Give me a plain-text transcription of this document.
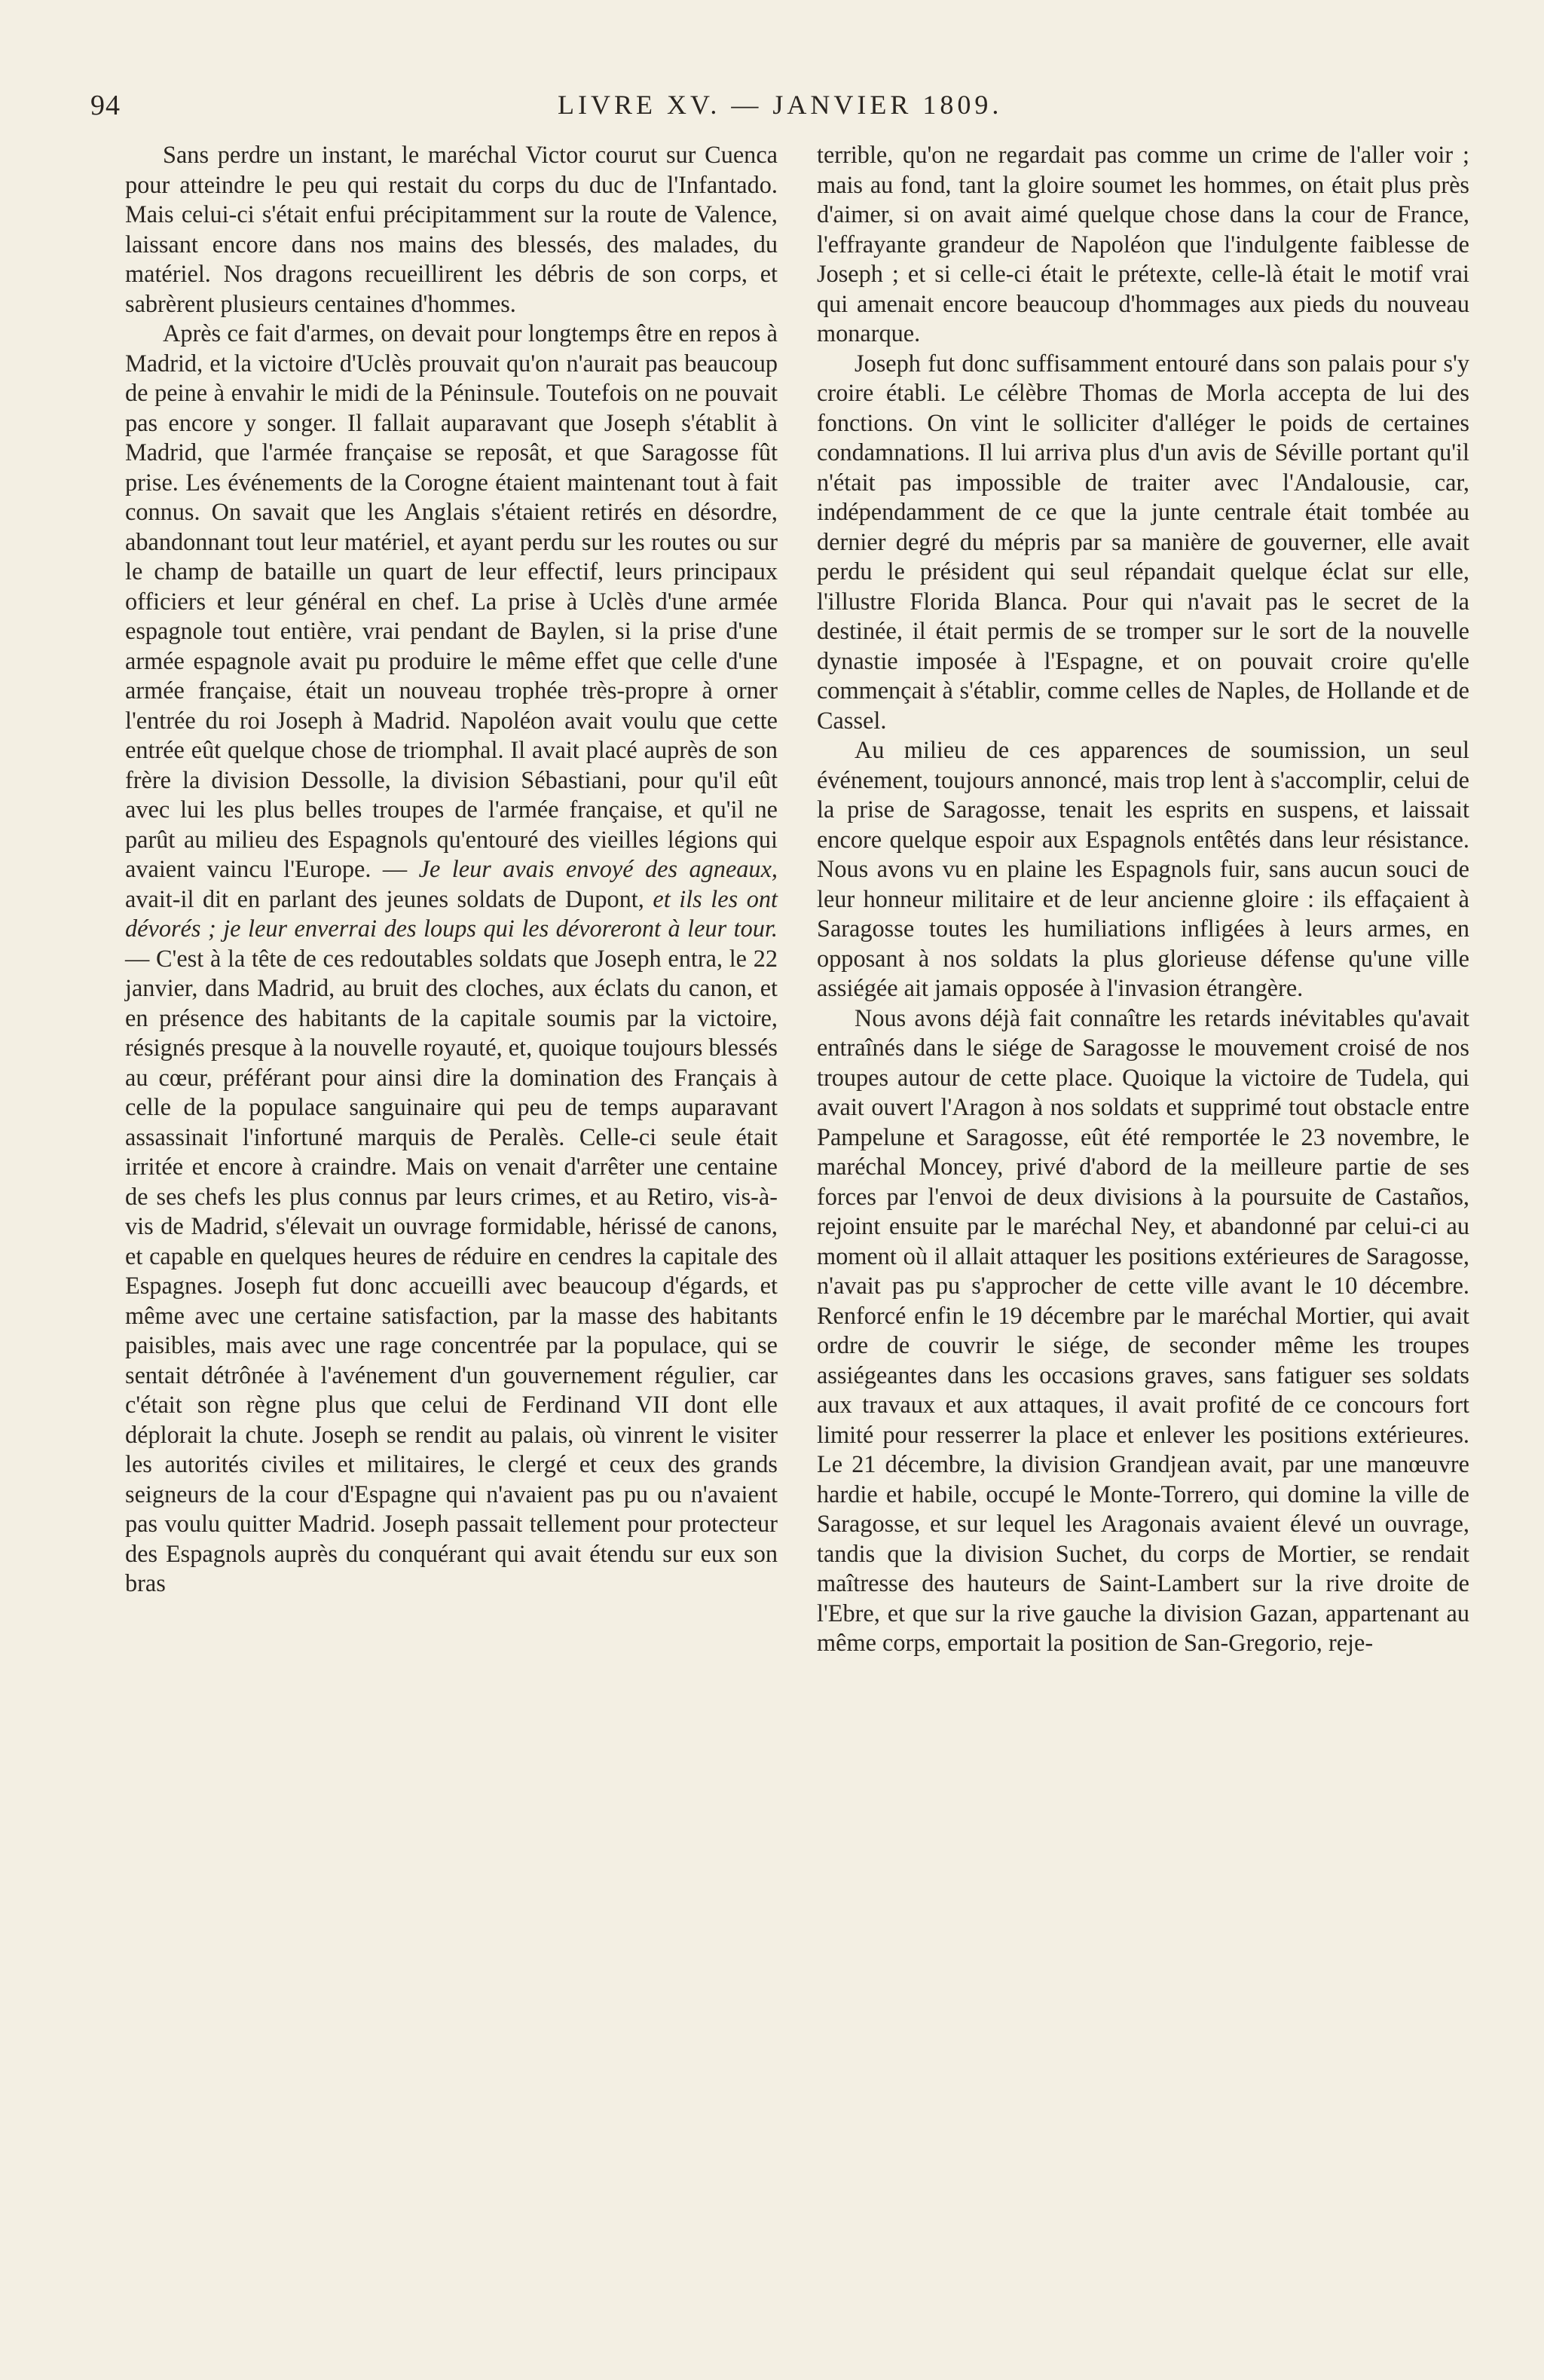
94	LIVRE XV. — JANVIER 1809.

Sans perdre un instant, le maréchal Victor courut sur Cuenca pour atteindre le peu qui restait du corps du duc de l'Infantado. Mais celui-ci s'était enfui précipitamment sur la route de Valence, laissant encore dans nos mains des blessés, des malades, du matériel. Nos dragons recueillirent les débris de son corps, et sabrèrent plusieurs centaines d'hommes.

Après ce fait d'armes, on devait pour longtemps être en repos à Madrid, et la victoire d'Uclès prouvait qu'on n'aurait pas beaucoup de peine à envahir le midi de la Péninsule. Toutefois on ne pouvait pas encore y songer. Il fallait auparavant que Joseph s'établit à Madrid, que l'armée française se reposât, et que Saragosse fût prise. Les événements de la Corogne étaient maintenant tout à fait connus. On savait que les Anglais s'étaient retirés en désordre, abandonnant tout leur matériel, et ayant perdu sur les routes ou sur le champ de bataille un quart de leur effectif, leurs principaux officiers et leur général en chef. La prise à Uclès d'une armée espagnole tout entière, vrai pendant de Baylen, si la prise d'une armée espagnole avait pu produire le même effet que celle d'une armée française, était un nouveau trophée très-propre à orner l'entrée du roi Joseph à Madrid. Napoléon avait voulu que cette entrée eût quelque chose de triomphal. Il avait placé auprès de son frère la division Dessolle, la division Sébastiani, pour qu'il eût avec lui les plus belles troupes de l'armée française, et qu'il ne parût au milieu des Espagnols qu'entouré des vieilles légions qui avaient vaincu l'Europe. — Je leur avais envoyé des agneaux, avait-il dit en parlant des jeunes soldats de Dupont, et ils les ont dévorés ; je leur enverrai des loups qui les dévoreront à leur tour. — C'est à la tête de ces redoutables soldats que Joseph entra, le 22 janvier, dans Madrid, au bruit des cloches, aux éclats du canon, et en présence des habitants de la capitale soumis par la victoire, résignés presque à la nouvelle royauté, et, quoique toujours blessés au cœur, préférant pour ainsi dire la domination des Français à celle de la populace sanguinaire qui peu de temps auparavant assassinait l'infortuné marquis de Peralès. Celle-ci seule était irritée et encore à craindre. Mais on venait d'arrêter une centaine de ses chefs les plus connus par leurs crimes, et au Retiro, vis-à-vis de Madrid, s'élevait un ouvrage formidable, hérissé de canons, et capable en quelques heures de réduire en cendres la capitale des Espagnes. Joseph fut donc accueilli avec beaucoup d'égards, et même avec une certaine satisfaction, par la masse des habitants paisibles, mais avec une rage concentrée par la populace, qui se sentait détrônée à l'avénement d'un gouvernement régulier, car c'était son règne plus que celui de Ferdinand VII dont elle déplorait la chute. Joseph se rendit au palais, où vinrent le visiter les autorités civiles et militaires, le clergé et ceux des grands seigneurs de la cour d'Espagne qui n'avaient pas pu ou n'avaient pas voulu quitter Madrid. Joseph passait tellement pour protecteur des Espagnols auprès du conquérant qui avait étendu sur eux son bras

terrible, qu'on ne regardait pas comme un crime de l'aller voir ; mais au fond, tant la gloire soumet les hommes, on était plus près d'aimer, si on avait aimé quelque chose dans la cour de France, l'effrayante grandeur de Napoléon que l'indulgente faiblesse de Joseph ; et si celle-ci était le prétexte, celle-là était le motif vrai qui amenait encore beaucoup d'hommages aux pieds du nouveau monarque.

Joseph fut donc suffisamment entouré dans son palais pour s'y croire établi. Le célèbre Thomas de Morla accepta de lui des fonctions. On vint le solliciter d'alléger le poids de certaines condamnations. Il lui arriva plus d'un avis de Séville portant qu'il n'était pas impossible de traiter avec l'Andalousie, car, indépendamment de ce que la junte centrale était tombée au dernier degré du mépris par sa manière de gouverner, elle avait perdu le président qui seul répandait quelque éclat sur elle, l'illustre Florida Blanca. Pour qui n'avait pas le secret de la destinée, il était permis de se tromper sur le sort de la nouvelle dynastie imposée à l'Espagne, et on pouvait croire qu'elle commençait à s'établir, comme celles de Naples, de Hollande et de Cassel.

Au milieu de ces apparences de soumission, un seul événement, toujours annoncé, mais trop lent à s'accomplir, celui de la prise de Saragosse, tenait les esprits en suspens, et laissait encore quelque espoir aux Espagnols entêtés dans leur résistance. Nous avons vu en plaine les Espagnols fuir, sans aucun souci de leur honneur militaire et de leur ancienne gloire : ils effaçaient à Saragosse toutes les humiliations infligées à leurs armes, en opposant à nos soldats la plus glorieuse défense qu'une ville assiégée ait jamais opposée à l'invasion étrangère.

Nous avons déjà fait connaître les retards inévitables qu'avait entraînés dans le siége de Saragosse le mouvement croisé de nos troupes autour de cette place. Quoique la victoire de Tudela, qui avait ouvert l'Aragon à nos soldats et supprimé tout obstacle entre Pampelune et Saragosse, eût été remportée le 23 novembre, le maréchal Moncey, privé d'abord de la meilleure partie de ses forces par l'envoi de deux divisions à la poursuite de Castaños, rejoint ensuite par le maréchal Ney, et abandonné par celui-ci au moment où il allait attaquer les positions extérieures de Saragosse, n'avait pas pu s'approcher de cette ville avant le 10 décembre. Renforcé enfin le 19 décembre par le maréchal Mortier, qui avait ordre de couvrir le siége, de seconder même les troupes assiégeantes dans les occasions graves, sans fatiguer ses soldats aux travaux et aux attaques, il avait profité de ce concours fort limité pour resserrer la place et enlever les positions extérieures. Le 21 décembre, la division Grandjean avait, par une manœuvre hardie et habile, occupé le Monte-Torrero, qui domine la ville de Saragosse, et sur lequel les Aragonais avaient élevé un ouvrage, tandis que la division Suchet, du corps de Mortier, se rendait maîtresse des hauteurs de Saint-Lambert sur la rive droite de l'Ebre, et que sur la rive gauche la division Gazan, appartenant au même corps, emportait la position de San-Gregorio, reje-
